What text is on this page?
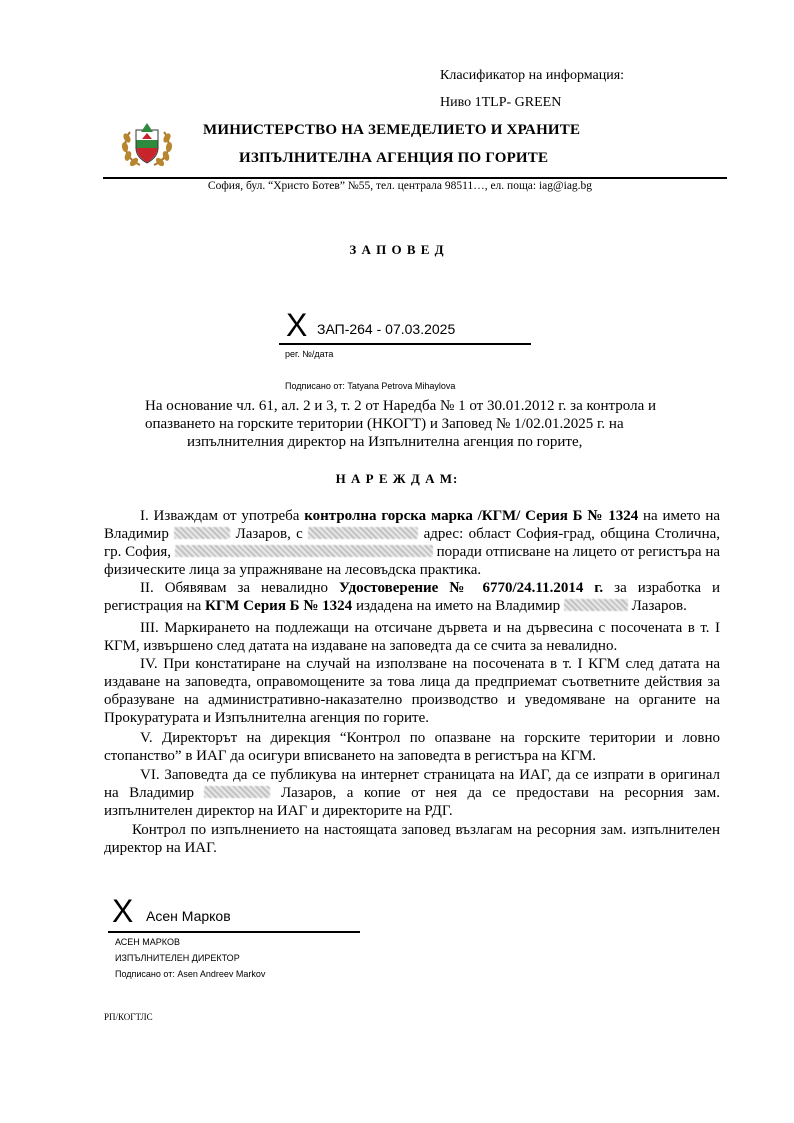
Класификатор на информация:
Ниво 1TLP- GREEN
МИНИСТЕРСТВО НА ЗЕМЕДЕЛИЕТО И ХРАНИТЕ
ИЗПЪЛНИТЕЛНА АГЕНЦИЯ ПО ГОРИТЕ
София, бул. “Христо Ботев” №55, тел. централа 98511…, ел. поща: iag@iag.bg
З А П О В Е Д
X ЗАП-264 - 07.03.2025
рег. №/дата
Подписано от: Tatyana Petrova Mihaylova
На основание чл. 61, ал. 2 и 3, т. 2 от Наредба № 1 от 30.01.2012 г. за контрола и
опазването на горските територии (НКОГТ) и Заповед № 1/02.01.2025 г. на
изпълнителния директор на Изпълнителна агенция по горите,
Н А Р Е Ж Д А М:
I. Изваждам от употреба контролна горска марка /КГМ/ Серия Б № 1324 на името на Владимир	Лазаров, с	адрес: област София-град, община Столична, гр. София,	поради отписване на лицето от регистъра на физическите лица за упражняване на лесовъдска практика.
II. Обявявам за невалидно Удостоверение № 6770/24.11.2014 г. за изработка и регистрация на КГМ Серия Б № 1324 издадена на името на Владимир	Лазаров.
III. Маркирането на подлежащи на отсичане дървета и на дървесина с посочената в т. I КГМ, извършено след датата на издаване на заповедта да се счита за невалидно.
IV. При констатиране на случай на използване на посочената в т. I КГМ след датата на издаване на заповедта, оправомощените за това лица да предприемат съответните действия за образуване на административно-наказателно производство и уведомяване на органите на Прокуратурата и Изпълнителна агенция по горите.
V. Директорът на дирекция “Контрол по опазване на горските територии и ловно стопанство” в ИАГ да осигури вписването на заповедта в регистъра на КГМ.
VI. Заповедта да се публикува на интернет страницата на ИАГ, да се изпрати в оригинал на Владимир	Лазаров, а копие от нея да се предостави на ресорния зам. изпълнителен директор на ИАГ и директорите на РДГ.
Контрол по изпълнението на настоящата заповед възлагам на ресорния зам. изпълнителен директор на ИАГ.
X Асен Марков
АСЕН МАРКОВ
ИЗПЪЛНИТЕЛЕН ДИРЕКТОР
Подписано от: Asen Andreev Markov
РП/КОГТЛС
